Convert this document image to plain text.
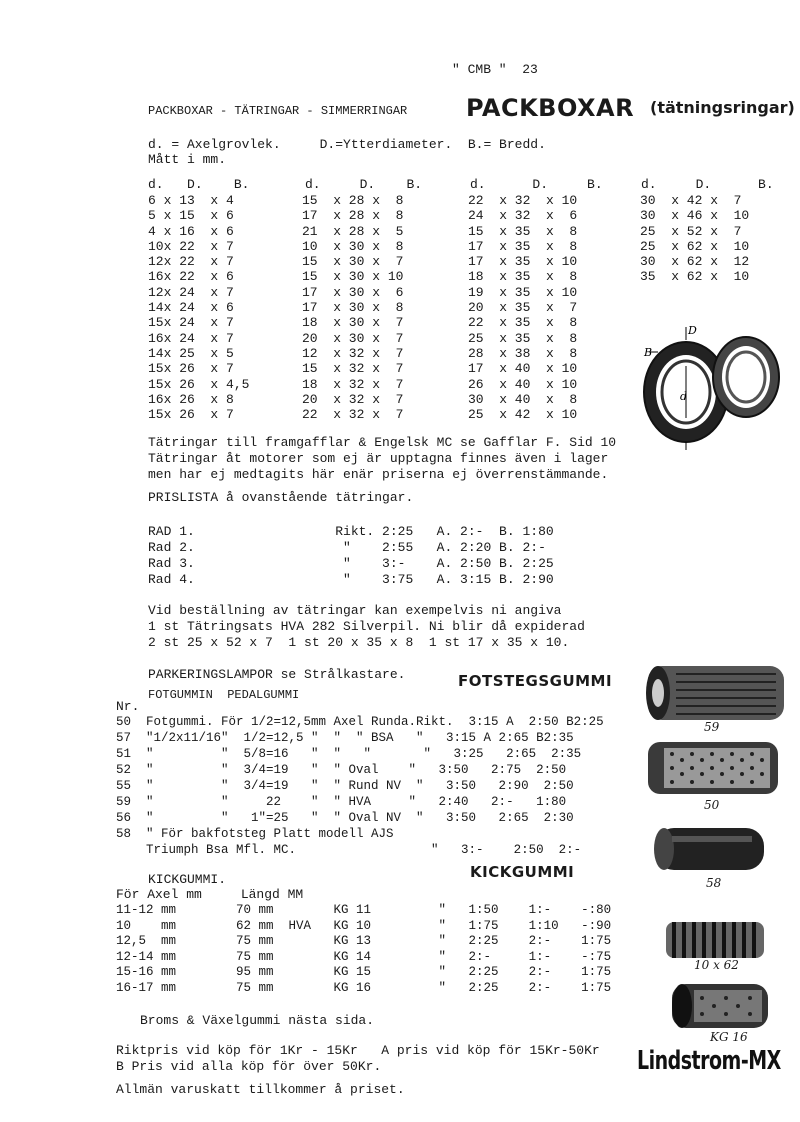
" CMB "  23
PACKBOXAR - TÄTRINGAR - SIMMERRINGAR PACKBOXAR (tätningsringar)
d. = Axelgrovlek.     D.=Ytterdiameter.  B.= Bredd.
Mått i mm.
d. D. B.	d.	D. B.	d.	D.	B.	d.	D.	B.
6 x 13  x 4
5 x 15  x 6
4 x 16  x 6
10x 22  x 7
12x 22  x 7
16x 22  x 6
12x 24  x 7
14x 24  x 6
15x 24  x 7
16x 24  x 7
14x 25  x 5
15x 26  x 7
15x 26  x 4,5
16x 26  x 8
15x 26  x 7
15  x 28 x  8
17  x 28 x  8
21  x 28 x  5
10  x 30 x  8
15  x 30 x  7
15  x 30 x 10
17  x 30 x  6
17  x 30 x  8
18  x 30 x  7
20  x 30 x  7
12  x 32 x  7
15  x 32 x  7
18  x 32 x  7
20  x 32 x  7
22  x 32 x  7
22  x 32  x 10
24  x 32  x  6
15  x 35  x  8
17  x 35  x  8
17  x 35  x 10
18  x 35  x  8
19  x 35  x 10
20  x 35  x  7
22  x 35  x  8
25  x 35  x  8
28  x 38  x  8
17  x 40  x 10
26  x 40  x 10
30  x 40  x  8
25  x 42  x 10
30  x 42 x  7
30  x 46 x  10
25  x 52 x  7
25  x 62 x  10
30  x 62 x  12
35  x 62 x  10
D
B
d
Tätringar till framgafflar & Engelsk MC se Gafflar F. Sid 10
Tätringar åt motorer som ej är upptagna finnes även i lager
men har ej medtagits här enär priserna ej överrenstämmande.
PRISLISTA å ovanstående tätringar.
RAD 1.                  Rikt. 2:25   A. 2:-  B. 1:80
Rad 2.                   "    2:55   A. 2:20 B. 2:-
Rad 3.                   "    3:-    A. 2:50 B. 2:25
Rad 4.                   "    3:75   A. 3:15 B. 2:90
Vid beställning av tätringar kan exempelvis ni angiva
1 st Tätringsats HVA 282 Silverpil. Ni blir då expiderad
2 st 25 x 52 x 7  1 st 20 x 35 x 8  1 st 17 x 35 x 10.
PARKERINGSLAMPOR se Strålkastare.	FOTSTEGSGUMMI
FOTGUMMIN  PEDALGUMMI
Nr.
50  Fotgummi. För 1/2=12,5mm Axel Runda.Rikt.  3:15 A  2:50 B2:25
57  "1/2x11/16"  1/2=12,5 "  "  " BSA   "   3:15 A 2:65 B2:35
51  "         "  5/8=16   "  "   "       "   3:25   2:65  2:35
52  "         "  3/4=19   "  " Oval    "   3:50   2:75  2:50
55  "         "  3/4=19   "  " Rund NV  "   3:50   2:90  2:50
59  "         "     22    "  " HVA     "   2:40   2:-   1:80
56  "         "   1"=25   "  " Oval NV  "   3:50   2:65  2:30
58  " För bakfotsteg Platt modell AJS
Triumph Bsa Mfl. MC.                  "   3:-    2:50  2:-
KICKGUMMI.	KICKGUMMI
För Axel mm     Längd MM
11-12 mm        70 mm        KG 11         "   1:50    1:-    -:80
10    mm        62 mm  HVA   KG 10         "   1:75    1:10   -:90
12,5  mm        75 mm        KG 13         "   2:25    2:-    1:75
12-14 mm        75 mm        KG 14         "   2:-     1:-    -:75
15-16 mm        95 mm        KG 15         "   2:25    2:-    1:75
16-17 mm        75 mm        KG 16         "   2:25    2:-    1:75
Broms & Växelgummi nästa sida.
Riktpris vid köp för 1Kr - 15Kr   A pris vid köp för 15Kr-50Kr
B Pris vid alla köp för över 50Kr.
Allmän varuskatt tillkommer å priset.
59
50
58
10 x 62
KG 16
Lindstrom-MX
